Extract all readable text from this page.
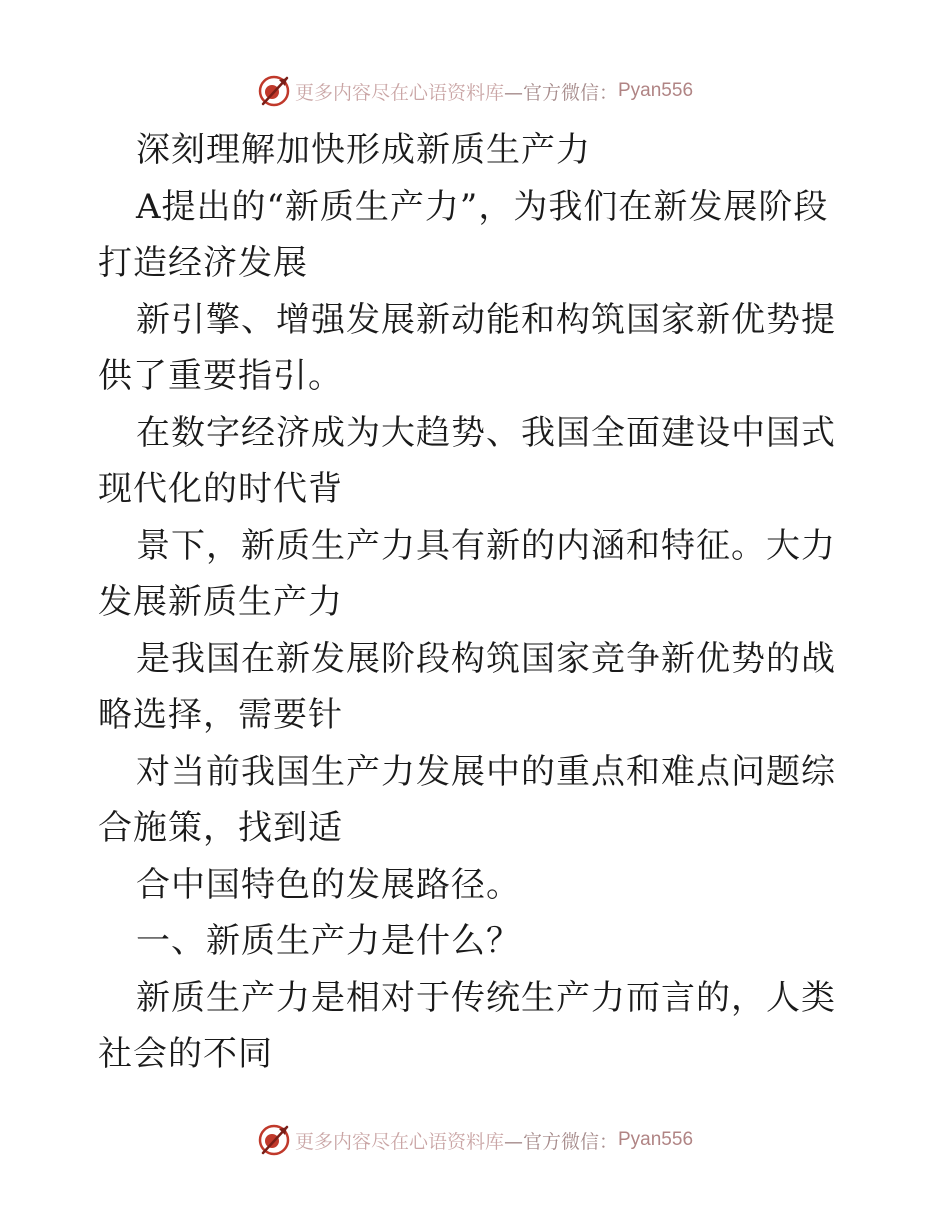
更多内容尽在心语资料库 —官方微信： Pyan556

深刻理解加快形成新质生产力

A提出的“新质生产力”，为我们在新发展阶段打造经济发展

新引擎、增强发展新动能和构筑国家新优势提供了重要指引。

在数字经济成为大趋势、我国全面建设中国式现代化的时代背

景下，新质生产力具有新的内涵和特征。大力发展新质生产力

是我国在新发展阶段构筑国家竞争新优势的战略选择，需要针

对当前我国生产力发展中的重点和难点问题综合施策，找到适

合中国特色的发展路径。

一、新质生产力是什么？

新质生产力是相对于传统生产力而言的，人类社会的不同

更多内容尽在心语资料库 —官方微信： Pyan556
